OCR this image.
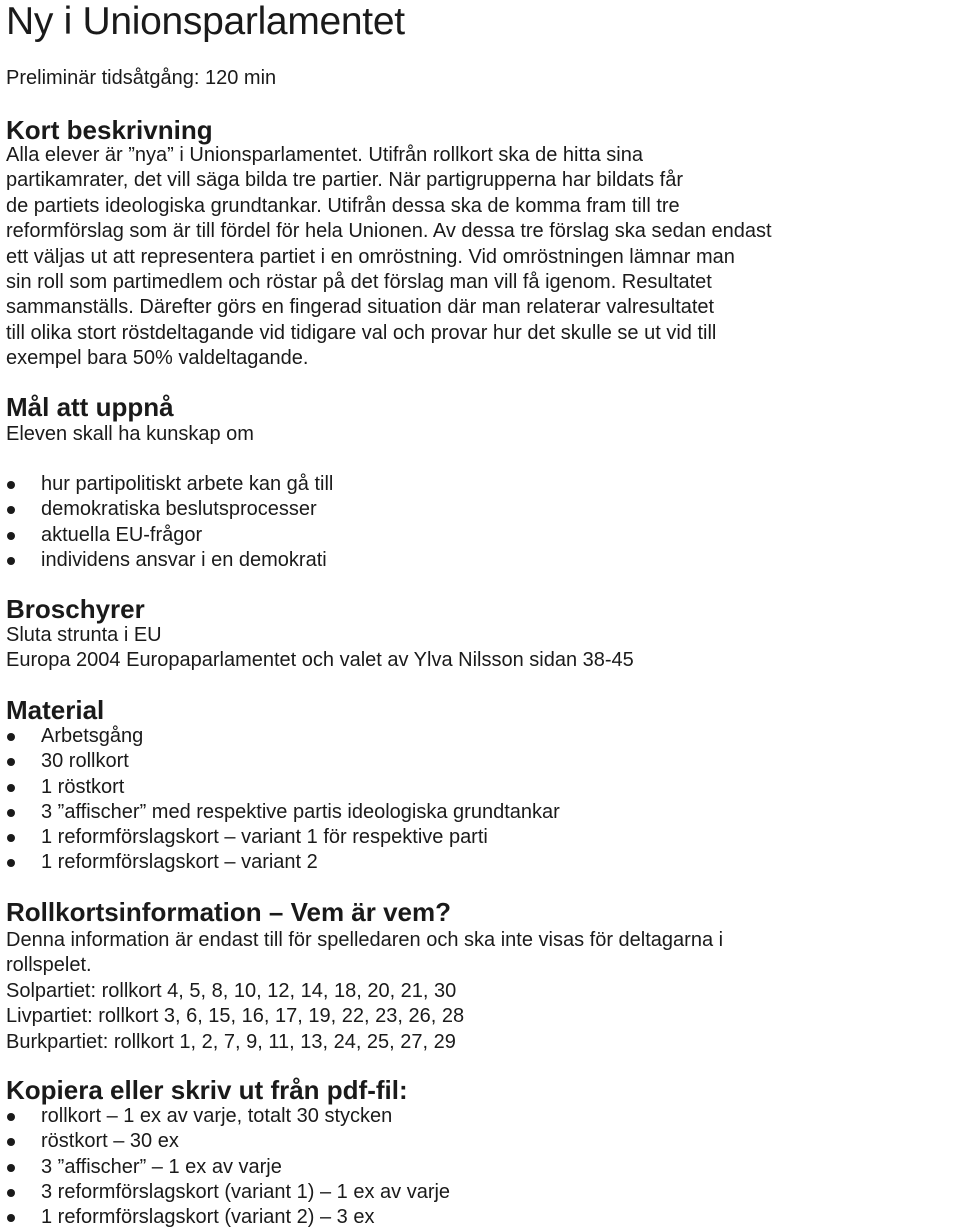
Ny i Unionsparlamentet

Preliminär tidsåtgång: 120 min

Kort beskrivning
Alla elever är ”nya” i Unionsparlamentet. Utifrån rollkort ska de hitta sina
partikamrater, det vill säga bilda tre partier. När partigrupperna har bildats får
de partiets ideologiska grundtankar. Utifrån dessa ska de komma fram till tre
reformförslag som är till fördel för hela Unionen. Av dessa tre förslag ska sedan endast
ett väljas ut att representera partiet i en omröstning. Vid omröstningen lämnar man
sin roll som partimedlem och röstar på det förslag man vill få igenom. Resultatet
sammanställs. Därefter görs en fingerad situation där man relaterar valresultatet
till olika stort röstdeltagande vid tidigare val och provar hur det skulle se ut vid till
exempel bara 50% valdeltagande.
Mål att uppnå

Eleven skall ha kunskap om

hur partipolitiskt arbete kan gå till
demokratiska beslutsprocesser
aktuella EU-frågor
individens ansvar i en demokrati
Broschyrer
Sluta strunta i EU
Europa 2004 Europaparlamentet och valet av Ylva Nilsson sidan 38-45
Material
Arbetsgång
30 rollkort
1 röstkort
3 ”affischer” med respektive partis ideologiska grundtankar
1 reformförslagskort – variant 1 för respektive parti
1 reformförslagskort – variant 2
Rollkortsinformation – Vem är vem?
Denna information är endast till för spelledaren och ska inte visas för deltagarna i
rollspelet.
Solpartiet: rollkort 4, 5, 8, 10, 12, 14, 18, 20, 21, 30
Livpartiet: rollkort 3, 6, 15, 16, 17, 19, 22, 23, 26, 28
Burkpartiet: rollkort 1, 2, 7, 9, 11, 13, 24, 25, 27, 29
Kopiera eller skriv ut från pdf-fil:
rollkort – 1 ex av varje, totalt 30 stycken
röstkort – 30 ex
3 ”affischer” – 1 ex av varje
3 reformförslagskort (variant 1) – 1 ex av varje
1 reformförslagskort (variant 2) – 3 ex
